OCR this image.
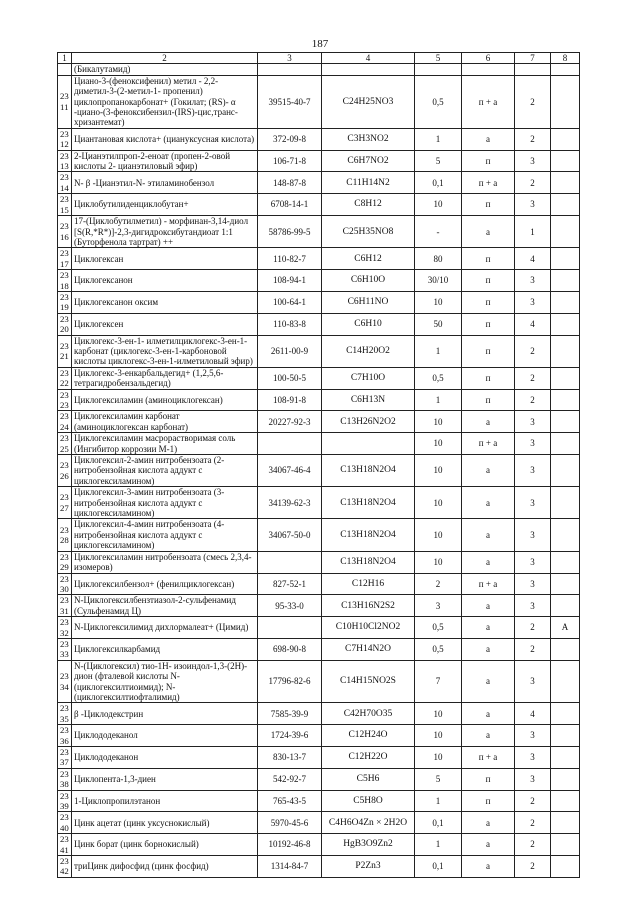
187
1	2	3	4	5	6	7	8
	(Бикалутамид)						
2311	Циано-3-(феноксифенил) метил - 2,2-диметил-3-(2-метил-1- пропенил) циклопропанокарбонат+ (Гокилат; (RS)- α -циано-(3-феноксибензил-(IRS)-цис,транс-хризантемат)	39515-40-7	C24H25NO3	0,5	п + а	2	
2312	Циантановая кислота+ (циануксусная кислота)	372-09-8	C3H3NO2	1	а	2	
2313	2-Цианэтилпроп-2-еноат (пропен-2-овой кислоты 2- цианэтиловый эфир)	106-71-8	C6H7NO2	5	п	3	
2314	N- β -Цианэтил-N- этиламинобензол	148-87-8	C11H14N2	0,1	п + а	2	
2315	Циклобутилиденциклобутан+	6708-14-1	C8H12	10	п	3	
2316	17-(Циклобутилметил) - морфинан-3,14-диол [S(R,*R*)]-2,3-дигидроксибутандиоат 1:1 (Буторфенола тартрат) ++	58786-99-5	C25H35NO8	-	а	1	
2317	Циклогексан	110-82-7	C6H12	80	п	4	
2318	Циклогексанон	108-94-1	C6H10O	30/10	п	3	
2319	Циклогексанон оксим	100-64-1	C6H11NO	10	п	3	
2320	Циклогексен	110-83-8	C6H10	50	п	4	
2321	Циклогекс-3-ен-1- илметилциклогекс-3-ен-1- карбонат (циклогекс-3-ен-1-карбоновой кислоты циклогекс-3-ен-1-илметиловый эфир)	2611-00-9	C14H20O2	1	п	2	
2322	Циклогекс-3-енкарбальдегид+ (1,2,5,6-тетрагидробензальдегид)	100-50-5	C7H10O	0,5	п	2	
2323	Циклогексиламин (аминоциклогексан)	108-91-8	C6H13N	1	п	2	
2324	Циклогексиламин карбонат (аминоциклогексан карбонат)	20227-92-3	C13H26N2O2	10	а	3	
2325	Циклогексиламин масрорастворимая соль (Ингибитор коррозии М-1)			10	п + а	3	
2326	Циклогексил-2-амин нитробензоата (2-нитробензойная кислота аддукт с циклогексиламином)	34067-46-4	C13H18N2O4	10	а	3	
2327	Циклогексил-3-амин нитробензоата (3-нитробензойная кислота аддукт с циклогексиламином)	34139-62-3	C13H18N2O4	10	а	3	
2328	Циклогексил-4-амин нитробензоата (4-нитробензойная кислота аддукт с циклогексиламином)	34067-50-0	C13H18N2O4	10	а	3	
2329	Циклогексиламин нитробензоата (смесь 2,3,4- изомеров)		C13H18N2O4	10	а	3	
2330	Циклогексилбензол+ (фенилциклогексан)	827-52-1	C12H16	2	п + а	3	
2331	N-Циклогексилбензтиазол-2-сульфенамид (Сульфенамид Ц)	95-33-0	C13H16N2S2	3	а	3	
2332	N-Циклогексилимид дихлормалеат+ (Цимид)		C10H10Cl2NO2	0,5	а	2	А
2333	Циклогексилкарбамид	698-90-8	C7H14N2O	0,5	а	2	
2334	N-(Циклогексил) тио-1Н- изоиндол-1,3-(2Н)-дион (фталевой кислоты N-(циклогексилтиоимид); N-(циклогексилтиофталимид)	17796-82-6	C14H15NO2S	7	а	3	
2335	β -Циклодекстрин	7585-39-9	C42H70O35	10	а	4	
2336	Циклододеканол	1724-39-6	C12H24O	10	а	3	
2337	Циклододеканон	830-13-7	C12H22O	10	п + а	3	
2338	Циклопента-1,3-диен	542-92-7	C5H6	5	п	3	
2339	1-Циклопропилэтанон	765-43-5	C5H8O	1	п	2	
2340	Цинк ацетат (цинк уксуснокислый)	5970-45-6	C4H6O4Zn × 2H2O	0,1	а	2	
2341	Цинк борат (цинк борнокислый)	10192-46-8	HgB3O9Zn2	1	а	2	
2342	триЦинк дифосфид (цинк фосфид)	1314-84-7	P2Zn3	0,1	а	2	
